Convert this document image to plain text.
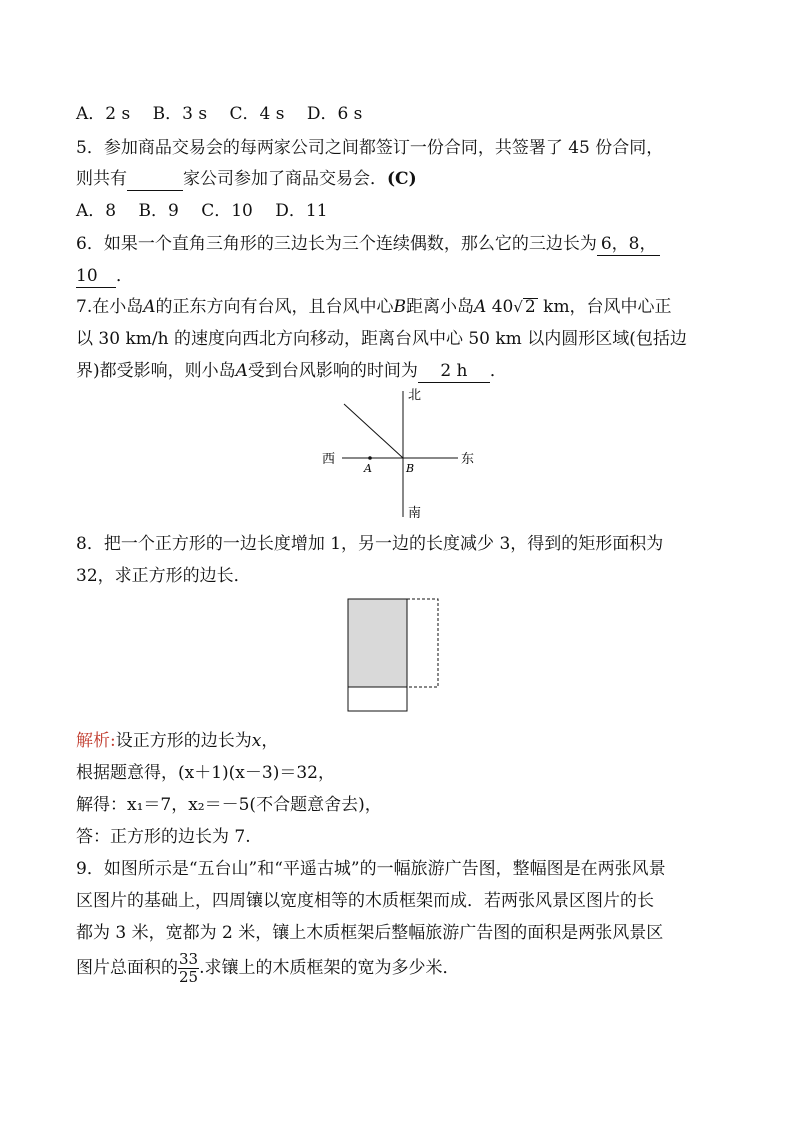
A．2 s　 B．3 s　 C．4 s　 D．6 s
5．参加商品交易会的每两家公司之间都签订一份合同，共签署了 45 份合同，
则共有	家公司参加了商品交易会．(C)
A．8　 B．9　 C．10　 D．11
6．如果一个直角三角形的三边长为三个连续偶数，那么它的三边长为 6，8，
10 ．
7.在小岛A的正东方向有台风，且台风中心B距离小岛A 40√ 2 km，台风中心正
以 30 km/h 的速度向西北方向移动，距离台风中心 50 km 以内圆形区域(包括边
界)都受影响，则小岛A受到台风影响的时间为 2 h ．
北
南
西	东
A	B
8．把一个正方形的一边长度增加 1，另一边的长度减少 3，得到的矩形面积为
32，求正方形的边长．
解析:设正方形的边长为x，
根据题意得，(x＋1)(x－3)＝32，
解得：x₁＝7，x₂＝－5(不合题意舍去)，
答：正方形的边长为 7.
9．如图所示是“五台山”和“平遥古城”的一幅旅游广告图，整幅图是在两张风景
区图片的基础上，四周镶以宽度相等的木质框架而成．若两张风景区图片的长
都为 3 米，宽都为 2 米，镶上木质框架后整幅旅游广告图的面积是两张风景区
图片总面积的 $\frac{33}{25}$ .求镶上的木质框架的宽为多少米．
